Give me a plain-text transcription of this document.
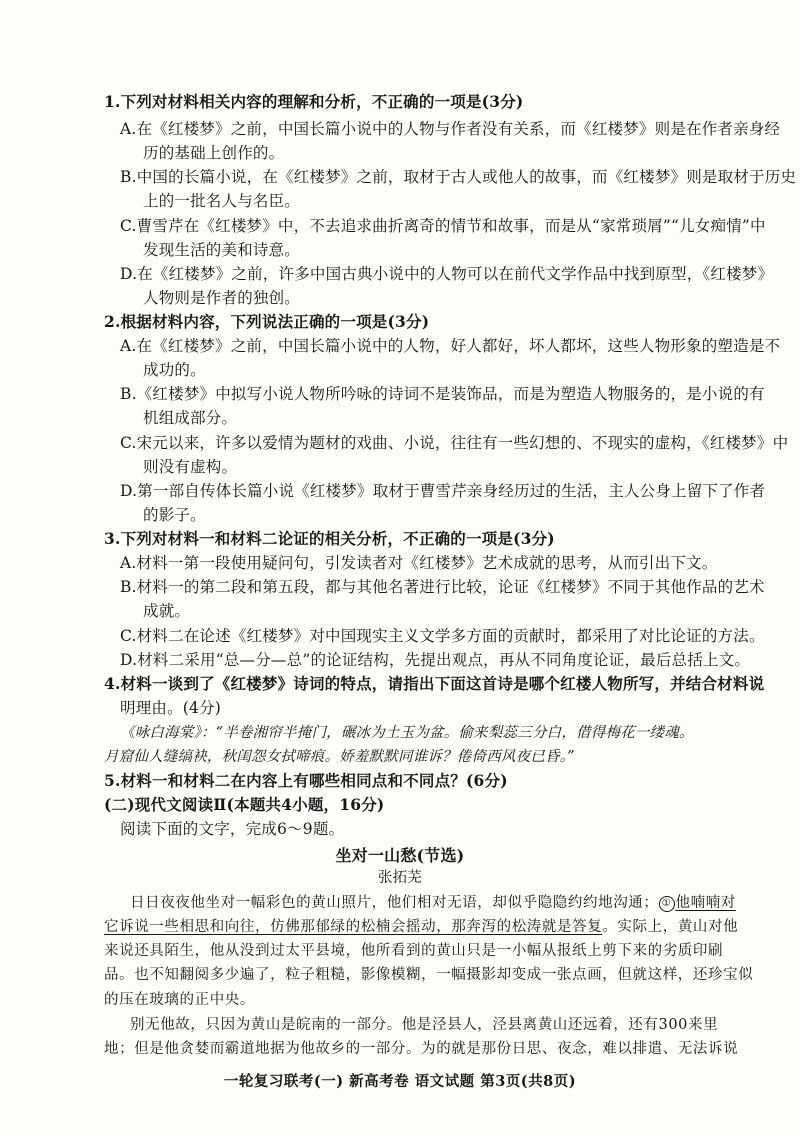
1.下列对材料相关内容的理解和分析，不正确的一项是(3分)
A.在《红楼梦》之前，中国长篇小说中的人物与作者没有关系，而《红楼梦》则是在作者亲身经
历的基础上创作的。
B.中国的长篇小说，在《红楼梦》之前，取材于古人或他人的故事，而《红楼梦》则是取材于历史
上的一批名人与名臣。
C.曹雪芹在《红楼梦》中，不去追求曲折离奇的情节和故事，而是从“家常琐屑”“儿女痴情”中
发现生活的美和诗意。
D.在《红楼梦》之前，许多中国古典小说中的人物可以在前代文学作品中找到原型，《红楼梦》
人物则是作者的独创。
2.根据材料内容，下列说法正确的一项是(3分)
A.在《红楼梦》之前，中国长篇小说中的人物，好人都好，坏人都坏，这些人物形象的塑造是不
成功的。
B.《红楼梦》中拟写小说人物所吟咏的诗词不是装饰品，而是为塑造人物服务的，是小说的有
机组成部分。
C.宋元以来，许多以爱情为题材的戏曲、小说，往往有一些幻想的、不现实的虚构，《红楼梦》中
则没有虚构。
D.第一部自传体长篇小说《红楼梦》取材于曹雪芹亲身经历过的生活，主人公身上留下了作者
的影子。
3.下列对材料一和材料二论证的相关分析，不正确的一项是(3分)
A.材料一第一段使用疑问句，引发读者对《红楼梦》艺术成就的思考，从而引出下文。
B.材料一的第二段和第五段，都与其他名著进行比较，论证《红楼梦》不同于其他作品的艺术
成就。
C.材料二在论述《红楼梦》对中国现实主义文学多方面的贡献时，都采用了对比论证的方法。
D.材料二采用“总—分—总”的论证结构，先提出观点，再从不同角度论证，最后总括上文。
4.材料一谈到了《红楼梦》诗词的特点，请指出下面这首诗是哪个红楼人物所写，并结合材料说
明理由。(4分)
《咏白海棠》：“半卷湘帘半掩门，碾冰为土玉为盆。偷来梨蕊三分白，借得梅花一缕魂。
月窟仙人缝缟袂，秋闺怨女拭啼痕。娇羞默默同谁诉？倦倚西风夜已昏。”
5.材料一和材料二在内容上有哪些相同点和不同点？(6分)
(二)现代文阅读Ⅱ(本题共4小题，16分)
阅读下面的文字，完成6～9题。
坐对一山愁(节选)
张拓芜
日日夜夜他坐对一幅彩色的黄山照片，他们相对无语，却似乎隐隐约约地沟通； ① 他喃喃对
它诉说一些相思和向往，仿佛那郁绿的松楠会摇动，那奔泻的松涛就是答复。实际上，黄山对他
来说还具陌生，他从没到过太平县境，他所看到的黄山只是一小幅从报纸上剪下来的劣质印刷
品。也不知翻阅多少遍了，粒子粗糙，影像模糊，一幅摄影却变成一张点画，但就这样，还珍宝似
的压在玻璃的正中央。
别无他故，只因为黄山是皖南的一部分。他是泾县人，泾县离黄山还远着，还有300来里
地；但是他贪婪而霸道地据为他故乡的一部分。为的就是那份日思、夜念，难以排遣、无法诉说
一轮复习联考(一) 新高考卷 语文试题 第3页(共8页)
